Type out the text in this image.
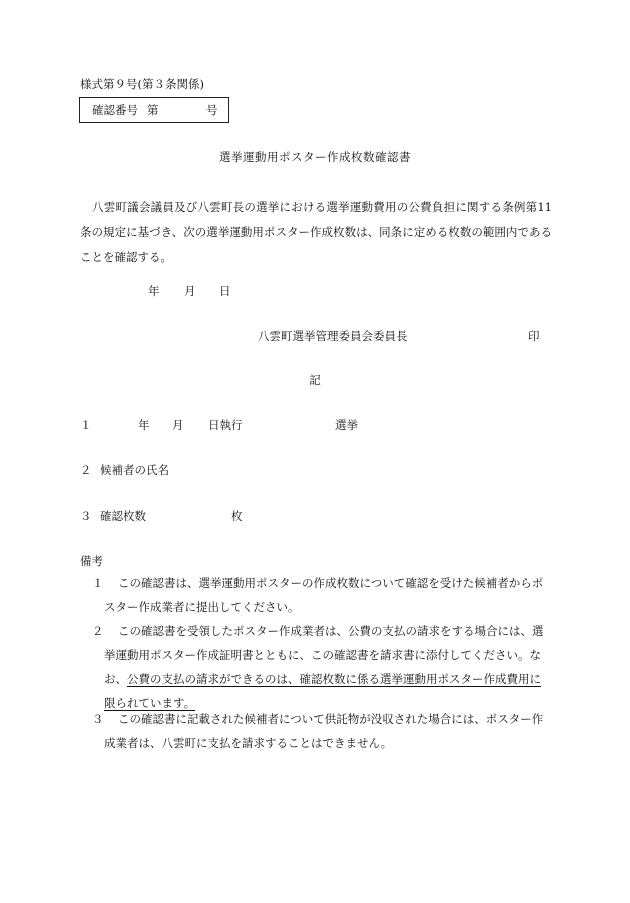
様式第９号(第３条関係)
確認番号 第	号
選挙運動用ポスター作成枚数確認書
八雲町議会議員及び八雲町長の選挙における選挙運動費用の公費負担に関する条例第11条の規定に基づき、次の選挙運動用ポスター作成枚数は、同条に定める枚数の範囲内であることを確認する。
年 月 日
八雲町選挙管理委員会委員長	印
記
１	年 月 日執行	選挙
２ 候補者の氏名
３ 確認枚数	枚
備考
１	この確認書は、選挙運動用ポスターの作成枚数について確認を受けた候補者からポスター作成業者に提出してください。
２	この確認書を受領したポスター作成業者は、公費の支払の請求をする場合には、選挙運動用ポスター作成証明書とともに、この確認書を請求書に添付してください。なお、公費の支払の請求ができるのは、確認枚数に係る選挙運動用ポスター作成費用に限られています。
３	この確認書に記載された候補者について供託物が没収された場合には、ポスター作成業者は、八雲町に支払を請求することはできません。
